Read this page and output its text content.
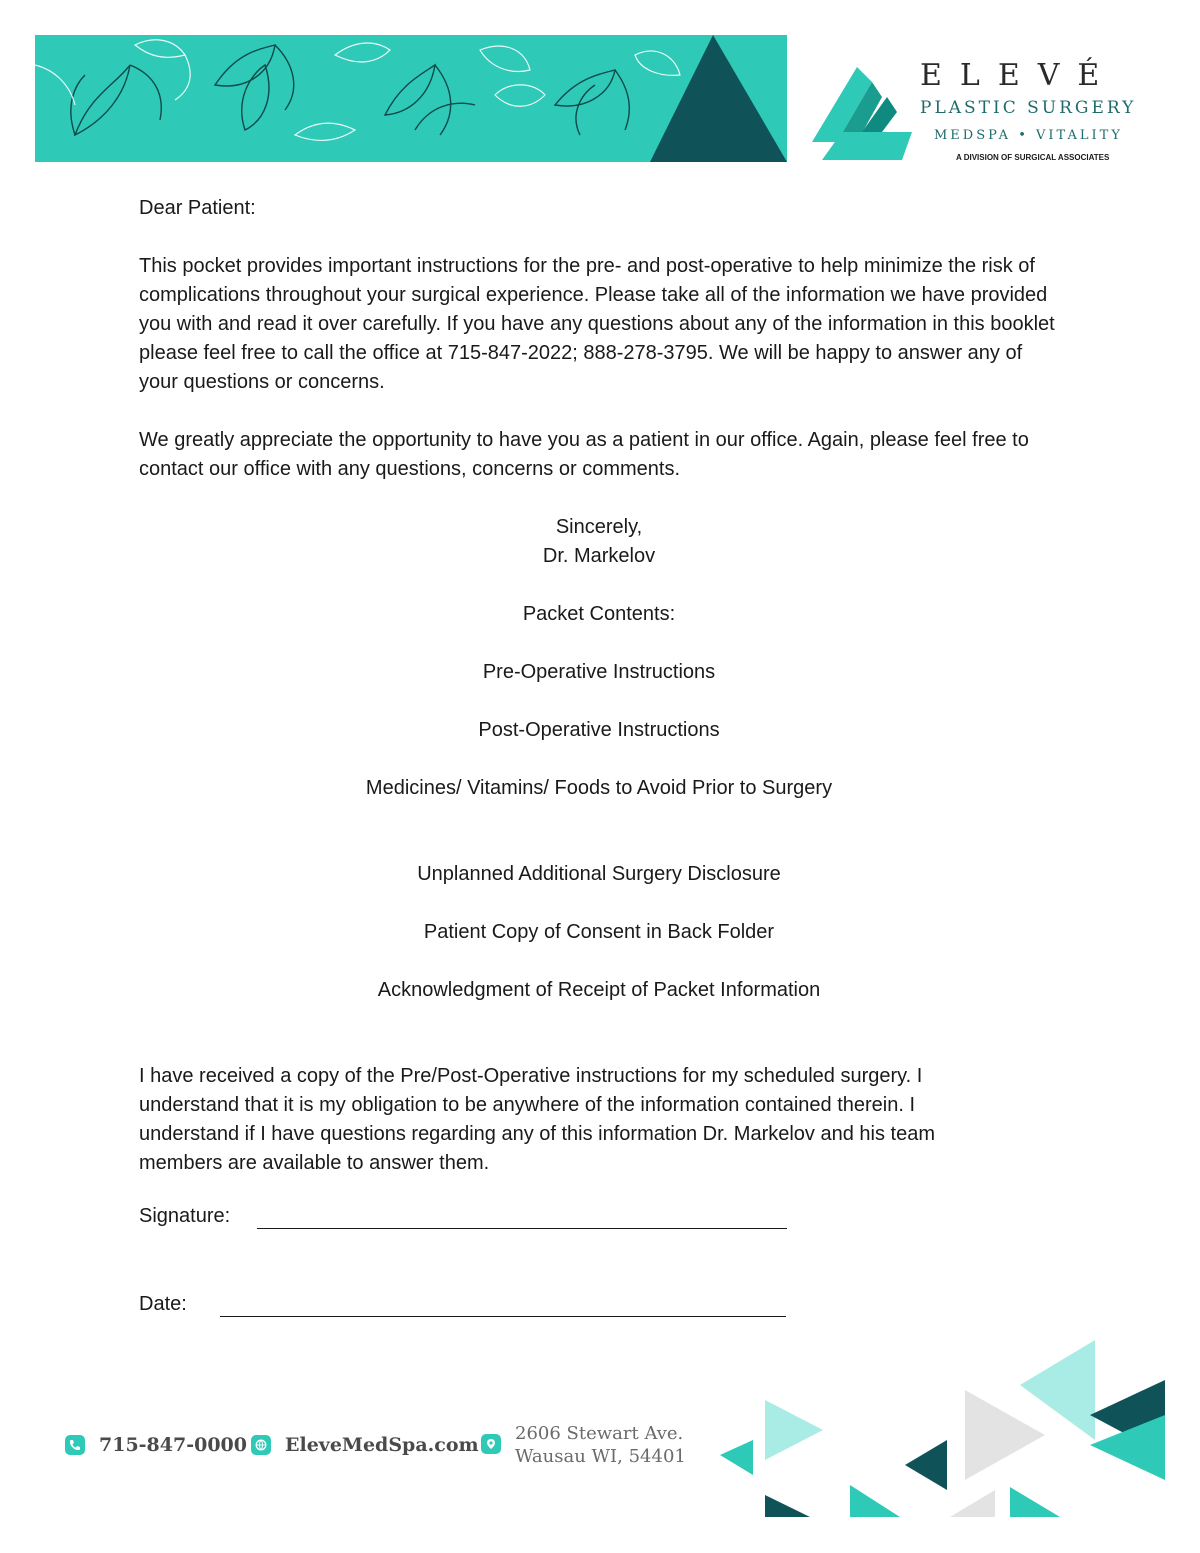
ELEVÉ
PLASTIC SURGERY
MEDSPA • VITALITY
A DIVISION OF SURGICAL ASSOCIATES

Dear Patient:

This pocket provides important instructions for the pre- and post-operative to help minimize the risk of complications throughout your surgical experience. Please take all of the information we have provided you with and read it over carefully. If you have any questions about any of the information in this booklet please feel free to call the office at 715-847-2022; 888-278-3795. We will be happy to answer any of your questions or concerns.

We greatly appreciate the opportunity to have you as a patient in our office. Again, please feel free to contact our office with any questions, concerns or comments.

Sincerely,
Dr. Markelov
Packet Contents:
Pre-Operative Instructions
Post-Operative Instructions
Medicines/ Vitamins/ Foods to Avoid Prior to Surgery
Unplanned Additional Surgery Disclosure
Patient Copy of Consent in Back Folder
Acknowledgment of Receipt of Packet Information

I have received a copy of the Pre/Post-Operative instructions for my scheduled surgery. I understand that it is my obligation to be anywhere of the information contained therein. I understand if I have questions regarding any of this information Dr. Markelov and his team members are available to answer them.

Signature:
Date:
715-847-0000 EleveMedSpa.com
2606 Stewart Ave.
Wausau WI, 54401
